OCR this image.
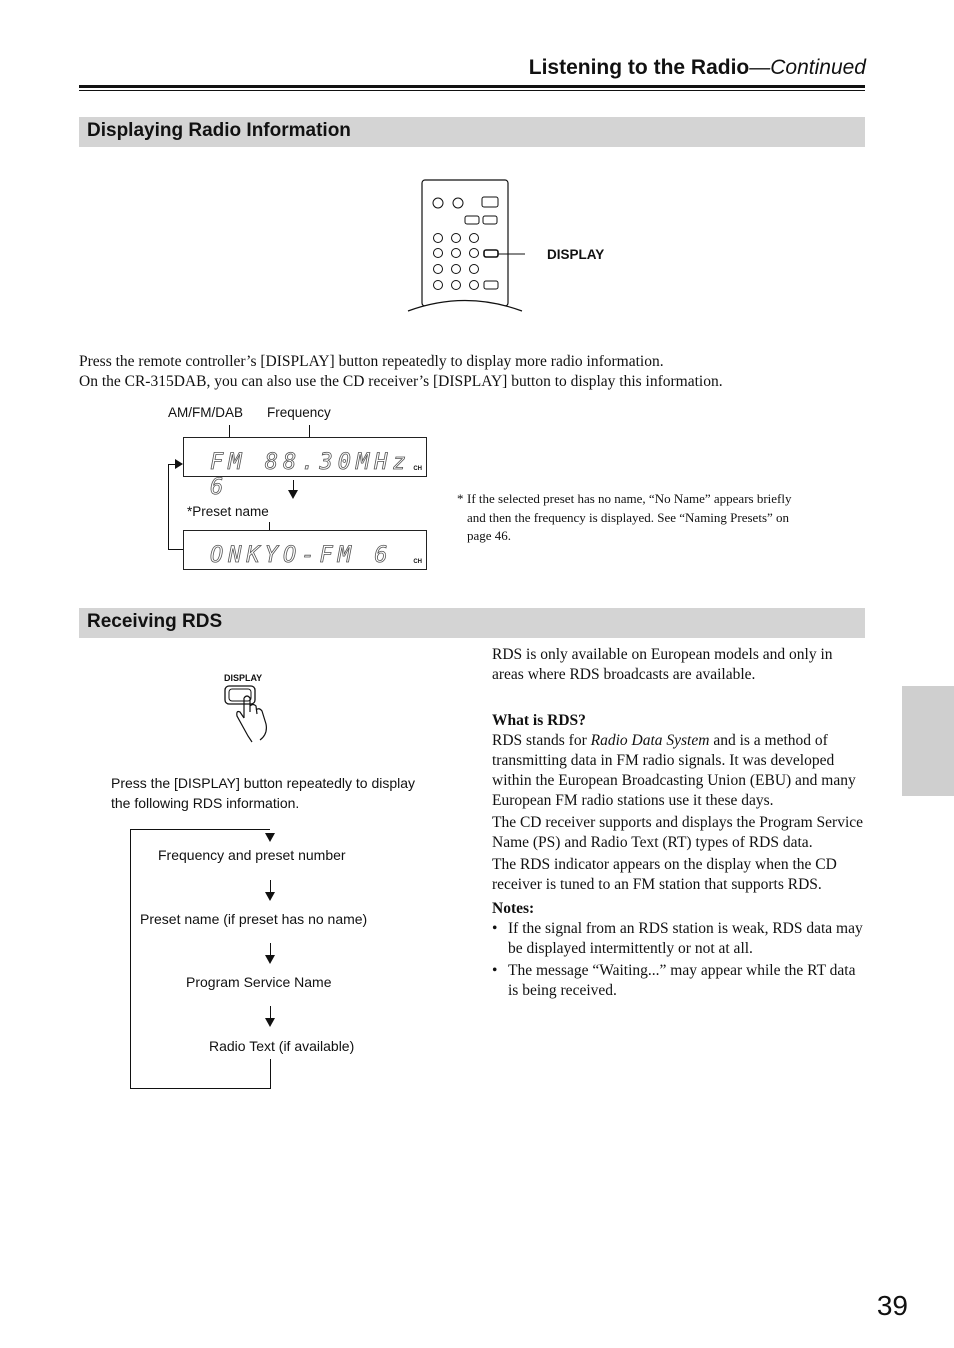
Listening to the Radio—Continued
Displaying Radio Information
DISPLAY
Press the remote controller’s [DISPLAY] button repeatedly to display more radio information.
On the CR-315DAB, you can also use the CD receiver’s [DISPLAY] button to display this information.
AM/FM/DAB Frequency
FM 88.30MHz 6
CH
*Preset name
ONKYO-FM 6	CH
* If the selected preset has no name, “No Name” appears briefly and then the frequency is displayed. See “Naming Presets” on page 46.
Receiving RDS
DISPLAY
Press the [DISPLAY] button repeatedly to display the following RDS information.
Frequency and preset number
Preset name (if preset has no name)
Program Service Name
Radio Text (if available)
RDS is only available on European models and only in areas where RDS broadcasts are available.
What is RDS?
RDS stands for Radio Data System and is a method of transmitting data in FM radio signals. It was developed within the European Broadcasting Union (EBU) and many European FM radio stations use it these days.
The CD receiver supports and displays the Program Service Name (PS) and Radio Text (RT) types of RDS data.
The RDS indicator appears on the display when the CD receiver is tuned to an FM station that supports RDS.
Notes:
• If the signal from an RDS station is weak, RDS data may be displayed intermittently or not at all.
• The message “Waiting...” may appear while the RT data is being received.
39
